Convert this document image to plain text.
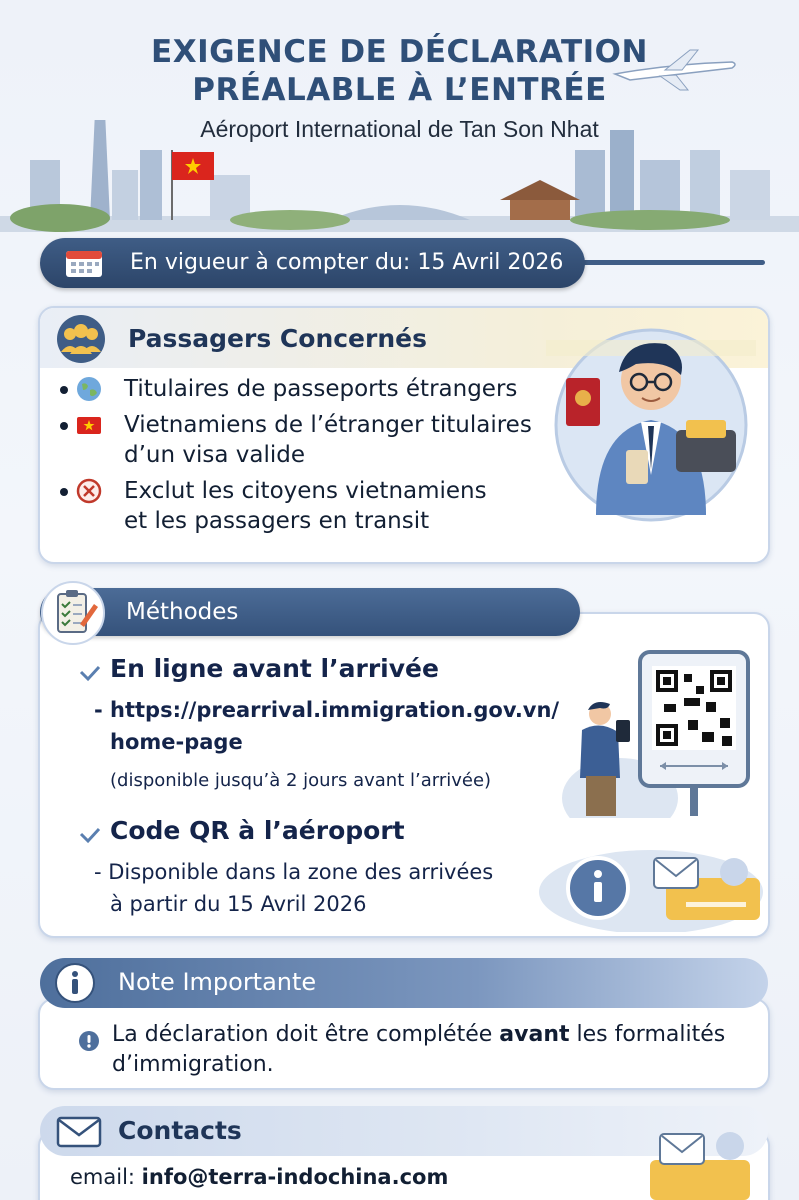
EXIGENCE DE DÉCLARATION
PRÉALABLE À L’ENTRÉE
Aéroport International de Tan Son Nhat
En vigueur à compter du: 15 Avril 2026
Passagers Concernés
Titulaires de passeports étrangers
Vietnamiens de l’étranger titulaires
d’un visa valide
Exclut les citoyens vietnamiens
et les passagers en transit
Méthodes
En ligne avant l’arrivée
- https://prearrival.immigration.gov.vn/
home-page
(disponible jusqu’à 2 jours avant l’arrivée)
Code QR à l’aéroport
- Disponible dans la zone des arrivées
à partir du 15 Avril 2026
Note Importante
La déclaration doit être complétée avant les formalités d’immigration.
Contacts
email: info@terra-indochina.com
